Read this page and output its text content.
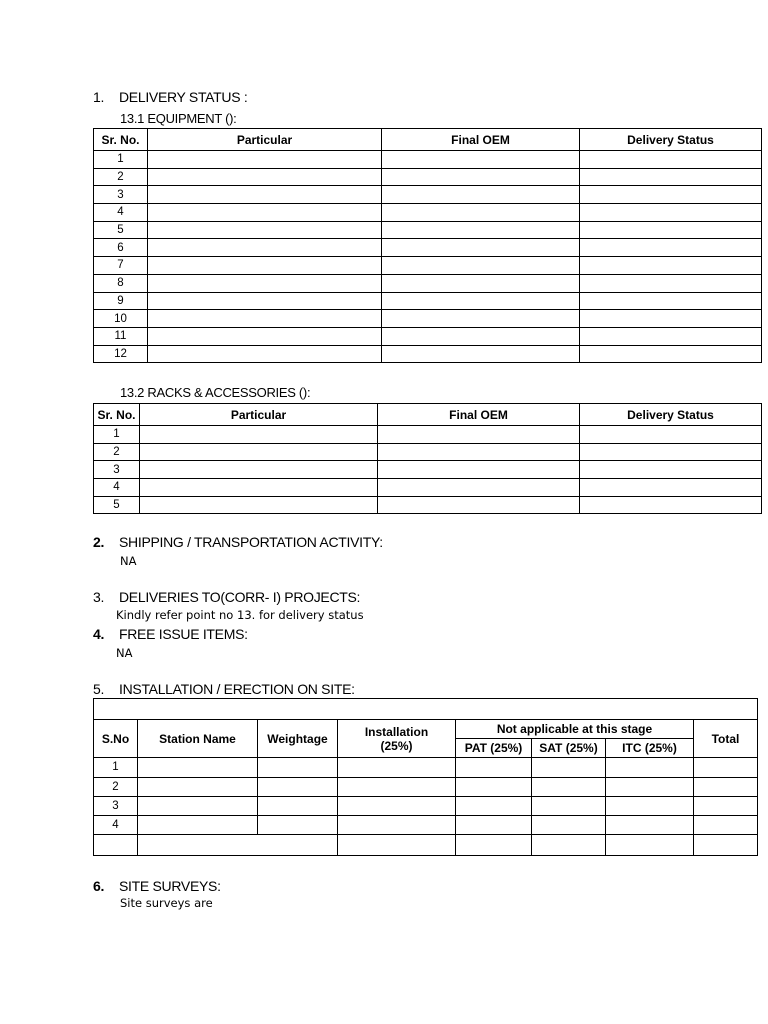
1. DELIVERY STATUS :
13.1 EQUIPMENT ():
Sr. No.	Particular	Final OEM	Delivery Status
1			
2			
3			
4			
5			
6			
7			
8			
9			
10			
11			
12			
13.2 RACKS & ACCESSORIES ():
Sr. No.	Particular	Final OEM	Delivery Status
1			
2			
3			
4			
5			
2. SHIPPING / TRANSPORTATION ACTIVITY:
NA
3. DELIVERIES TO(CORR- I) PROJECTS:
Kindly refer point no 13. for delivery status
4. FREE ISSUE ITEMS:
NA
5. INSTALLATION / ERECTION ON SITE:

S.No	Station Name	Weightage	Installation (25%)	Not applicable at this stage			Total
				PAT (25%)	SAT (25%)	ITC (25%)	
1							
2							
3							
4							

6. SITE SURVEYS:
Site surveys are
